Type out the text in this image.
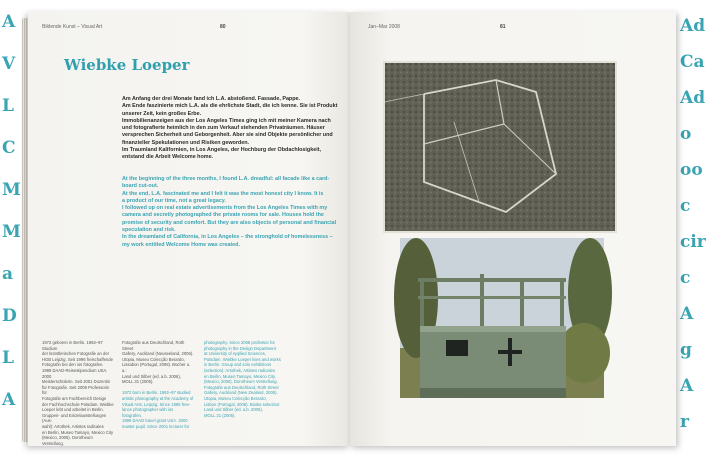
A
V
L
C
M
M
a
D
L
A
Ad
Ca
Ad
o
oo
c
cir
c
A
g
A
r
Bildende Kunst – Visual Art	80
Wiebke Loeper
Am Anfang der drei Monate fand ich L.A. abstoßend. Fassade, Pappe.
Am Ende faszinierte mich L.A. als die ehrlichste Stadt, die ich kenne. Sie ist Produkt
unserer Zeit, kein großes Erbe.
Immobilienanzeigen aus der Los Angeles Times ging ich mit meiner Kamera nach
und fotografierte heimlich in den zum Verkauf stehenden Privaträumen. Häuser
versprechen Sicherheit und Geborgenheit. Aber sie sind Objekte persönlicher und
finanzieller Spekulationen und Risiken geworden.
Im Traumland Kalifornien, in Los Angeles, der Hochburg der Obdachlosigkeit,
entstand die Arbeit Welcome home.
At the beginning of the three months, I found L.A. dreadful: all facade like a card-
board cut-out.
At the end, L.A. fascinated me and I felt it was the most honest city I know. It is
a product of our time, not a great legacy.
I followed up on real estate advertisements from the Los Angeles Times with my
camera and secretly photographed the private rooms for sale. Houses hold the
promise of security and comfort. But they are also objects of personal and financial
speculation and risk.
In the dreamland of California, in Los Angeles – the stronghold of homelessness –
my work entitled Welcome Home was created.
1972 geboren in Berlin. 1992–97 Studium
der künstlerischen Fotografie an der
HGB Leipzig. Seit 1996 freischaffende
Fotografin bei den ios fotografen.
1998 DAAD-Reisestipendium USA. 2000
Meisterschülerin. Seit 2001 Dozentin
für Fotografie. Seit 2008 Professorin für
Fotografie am Fachbereich Design
der Fachhochschule Potsdam. Wiebke
Loeper lebt und arbeitet in Berlin.
Gruppen- und Einzelausstellungen (Aus-
wahl): Artothek, Artistes radicales
en Berlin, Museo Tamayo, Mexico City
(Mexico, 2006). Dorotheum Verstellung.
Fotografie aus Deutschland, Roth Street
Gallery, Auckland (Neuseeland, 2006).
Utopia, Museu Colecção Berardo,
Lissabon (Portugal, 2008). Bücher u. a.:
Land und Silber (ed. a.b. 2006),
MOLL 31 (2005).

1972 born in Berlin. 1992–97 studied
artistic photography at the Academy of
Visual Arts, Leipzig. Since 1996 free-
lance photographer with ios fotografen.
1998 DAAD travel grant USA. 2000
master pupil. Since 2001 lecturer for
photography. Since 2008 professor for
photography in the Design Department
at University of Applied Sciences,
Potsdam. Wiebke Loeper lives and works
in Berlin. Group and solo exhibitions
(selection): Artothek, Artistes radicales
en Berlin, Museo Tamayo, Mexico City
(Mexico, 2006). Dorotheum Verstellung.
Fotografie aus Deutschland, Roth Street
Gallery, Auckland (New Zealand, 2006).
Utopia, Museu Colecção Berardo,
Lisbon (Portugal, 2008). Books selection:
Land und Silber (ed. a.b. 2006),
MOLL 31 (2005).
Jan–Mar 2008	81
